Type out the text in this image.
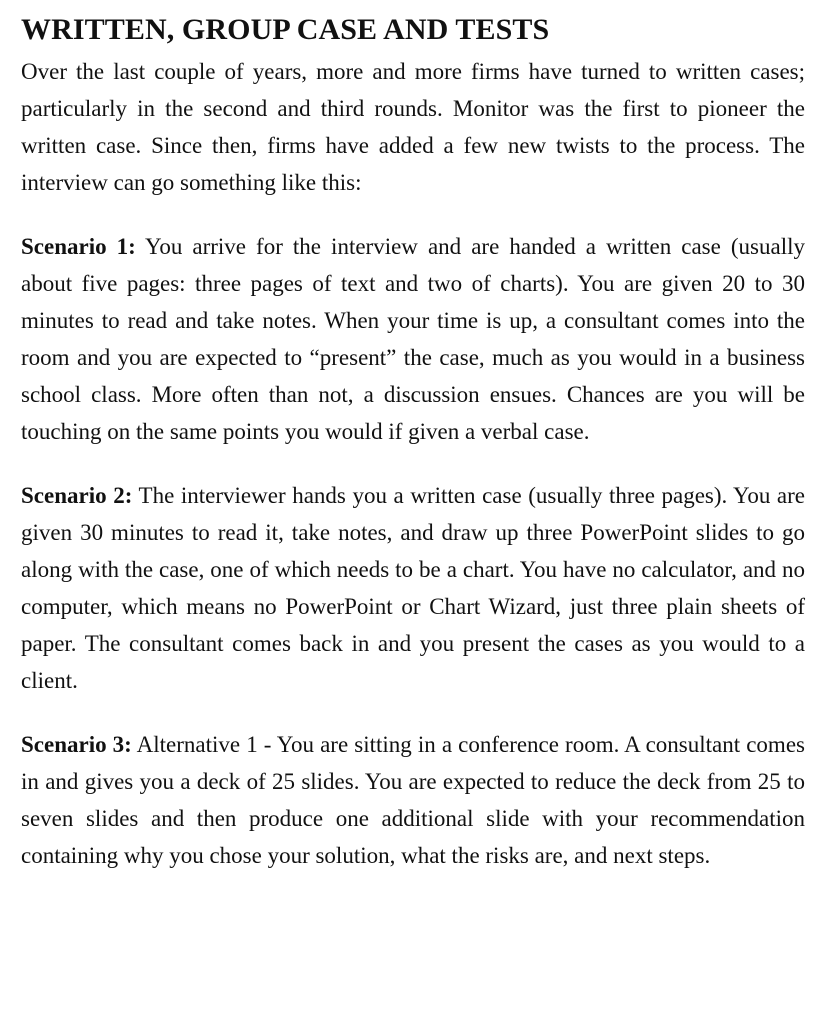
WRITTEN, GROUP CASE AND TESTS

Over the last couple of years, more and more firms have turned to written cases; particularly in the second and third rounds. Monitor was the first to pioneer the written case. Since then, firms have added a few new twists to the process. The interview can go something like this:

Scenario 1: You arrive for the interview and are handed a written case (usually about five pages: three pages of text and two of charts). You are given 20 to 30 minutes to read and take notes. When your time is up, a consultant comes into the room and you are expected to “present” the case, much as you would in a business school class. More often than not, a discussion ensues. Chances are you will be touching on the same points you would if given a verbal case.

Scenario 2: The interviewer hands you a written case (usually three pages). You are given 30 minutes to read it, take notes, and draw up three PowerPoint slides to go along with the case, one of which needs to be a chart. You have no calculator, and no computer, which means no PowerPoint or Chart Wizard, just three plain sheets of paper. The consultant comes back in and you present the cases as you would to a client.

Scenario 3: Alternative 1 - You are sitting in a conference room. A consultant comes in and gives you a deck of 25 slides. You are expected to reduce the deck from 25 to seven slides and then produce one additional slide with your recommendation containing why you chose your solution, what the risks are, and next steps.
